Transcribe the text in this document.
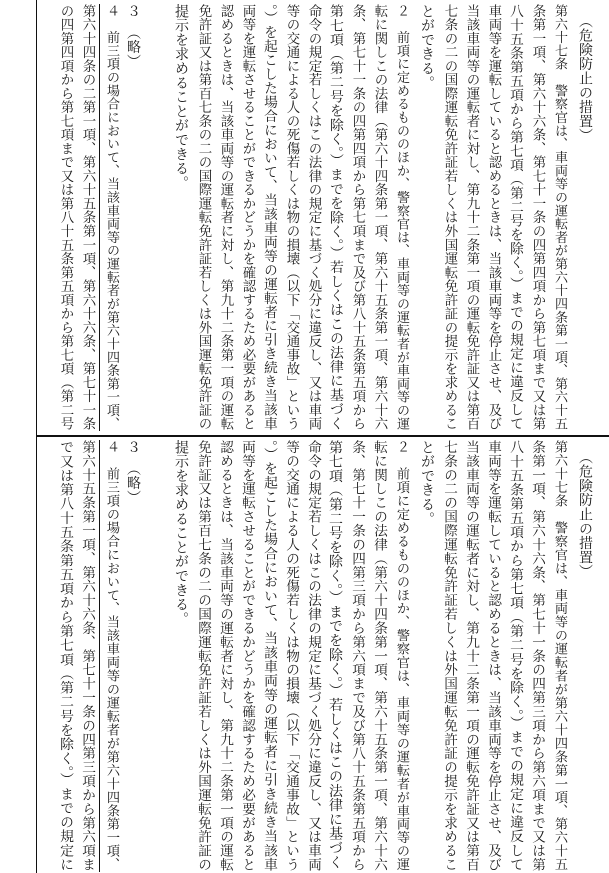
（危険防止の措置）
第六十七条　警察官は、車両等の運転者が第六十四条第一項、第六十五
条第一項、第六十六条、第七十一条の四第四項から第七項まで又は第
八十五条第五項から第七項（第二号を除く。）までの規定に違反して
車両等を運転していると認めるときは、当該車両等を停止させ、及び
当該車両等の運転者に対し、第九十二条第一項の運転免許証又は第百
七条の二の国際運転免許証若しくは外国運転免許証の提示を求めるこ
とができる。
２　前項に定めるもののほか、警察官は、車両等の運転者が車両等の運
転に関しこの法律（第六十四条第一項、第六十五条第一項、第六十六
条、第七十一条の四第四項から第七項まで及び第八十五条第五項から
第七項（第二号を除く。）までを除く。）若しくはこの法律に基づく
命令の規定若しくはこの法律の規定に基づく処分に違反し、又は車両
等の交通による人の死傷若しくは物の損壊（以下「交通事故」という
。）を起こした場合において、当該車両等の運転者に引き続き当該車
両等を運転させることができるかどうかを確認するため必要があると
認めるときは、当該車両等の運転者に対し、第九十二条第一項の運転
免許証又は第百七条の二の国際運転免許証若しくは外国運転免許証の
提示を求めることができる。
３　（略）
４　前三項の場合において、当該車両等の運転者が第六十四条第一項、
第六十四条の二第一項、第六十五条第一項、第六十六条、第七十一条
の四第四項から第七項まで又は第八十五条第五項から第七項（第二号
（危険防止の措置）
第六十七条　警察官は、車両等の運転者が第六十四条第一項、第六十五
条第一項、第六十六条、第七十一条の四第三項から第六項まで又は第
八十五条第五項から第七項（第二号を除く。）までの規定に違反して
車両等を運転していると認めるときは、当該車両等を停止させ、及び
当該車両等の運転者に対し、第九十二条第一項の運転免許証又は第百
七条の二の国際運転免許証若しくは外国運転免許証の提示を求めるこ
とができる。
２　前項に定めるもののほか、警察官は、車両等の運転者が車両等の運
転に関しこの法律（第六十四条第一項、第六十五条第一項、第六十六
条、第七十一条の四第三項から第六項まで及び第八十五条第五項から
第七項（第二号を除く。）までを除く。）若しくはこの法律に基づく
命令の規定若しくはこの法律の規定に基づく処分に違反し、又は車両
等の交通による人の死傷若しくは物の損壊（以下「交通事故」という
。）を起こした場合において、当該車両等の運転者に引き続き当該車
両等を運転させることができるかどうかを確認するため必要があると
認めるときは、当該車両等の運転者に対し、第九十二条第一項の運転
免許証又は第百七条の二の国際運転免許証若しくは外国運転免許証の
提示を求めることができる。
３　（略）
４　前三項の場合において、当該車両等の運転者が第六十四条第一項、
第六十五条第一項、第六十六条、第七十一条の四第三項から第六項ま
で又は第八十五条第五項から第七項（第二号を除く。）までの規定に
